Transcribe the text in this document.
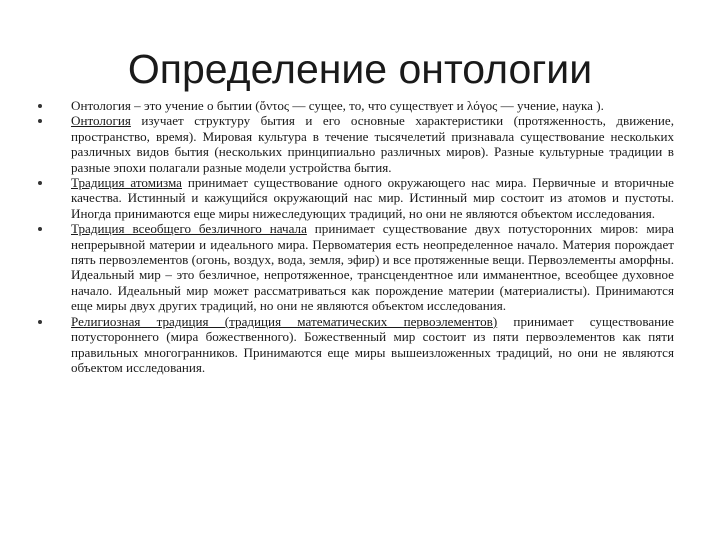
Определение онтологии
Онтология – это учение о бытии (ὄντος — сущее, то, что существует и λόγος — учение, наука ).
Онтология изучает структуру бытия и его основные характеристики (протяженность, движение, пространство, время). Мировая культура в течение тысячелетий признавала существование нескольких различных видов бытия (нескольких принципиально различных миров). Разные культурные традиции в разные эпохи полагали разные модели устройства бытия.
Традиция атомизма принимает существование одного окружающего нас мира. Первичные и вторичные качества. Истинный и кажущийся окружающий нас мир. Истинный мир состоит из атомов и пустоты. Иногда принимаются еще миры нижеследующих традиций, но они не являются объектом исследования.
Традиция всеобщего безличного начала принимает существование двух потусторонних миров: мира непрерывной материи и идеального мира. Первоматерия есть неопределенное начало. Материя порождает пять первоэлементов (огонь, воздух, вода, земля, эфир) и все протяженные вещи. Первоэлементы аморфны. Идеальный мир – это безличное, непротяженное, трансцендентное или имманентное, всеобщее духовное начало. Идеальный мир может рассматриваться как порождение материи (материалисты). Принимаются еще миры двух других традиций, но они не являются объектом исследования.
Религиозная традиция (традиция математических первоэлементов) принимает существование потустороннего (мира божественного). Божественный мир состоит из пяти первоэлементов как пяти правильных многогранников. Принимаются еще миры вышеизложенных традиций, но они не являются объектом исследования.
